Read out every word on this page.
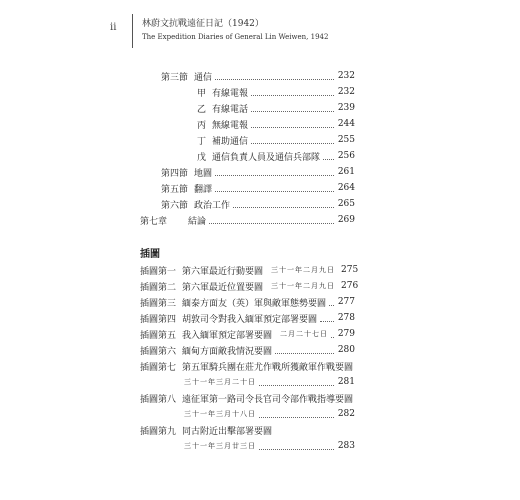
ii	林蔚文抗戰遠征日記（1942）
The Expedition Diaries of General Lin Weiwen, 1942
第三節 通信	232
甲 有線電報	232
乙 有線電話	239
丙 無線電報	244
丁 補助通信	255
戊 通信負責人員及通信兵部隊 256
第四節 地圖	261
第五節 翻譯	264
第六節 政治工作	265
第七章	結論	269
插圖
插圖第一 第六軍最近行動要圖 三十一年二月九日 275
插圖第二 第六軍最近位置要圖 三十一年二月九日 276
插圖第三 緬泰方面友（英）軍與敵軍態勢要圖 277
插圖第四 胡敦司令對我入緬軍預定部署要圖 278
插圖第五 我入緬軍預定部署要圖 二月二十七日 279
插圖第六 緬甸方面敵我情況要圖	280
插圖第七 第五軍騎兵團在莊尤作戰所獲敵軍作戰要圖
三十一年三月二十日	281
插圖第八 遠征軍第一路司令長官司令部作戰指導要圖
三十一年三月十八日	282
插圖第九 同古附近出擊部署要圖
三十一年三月廿三日	283
